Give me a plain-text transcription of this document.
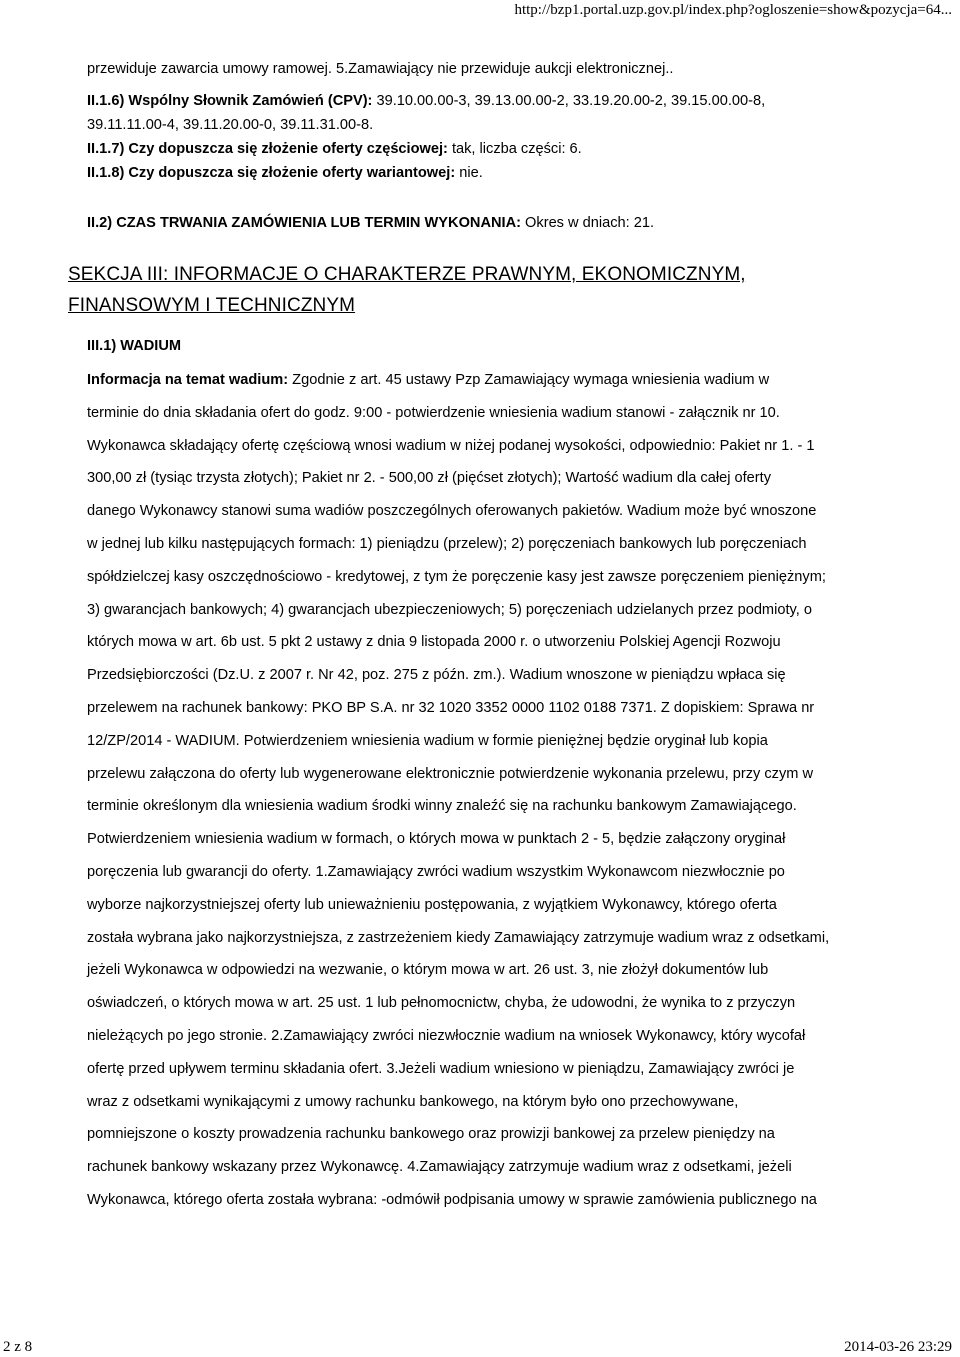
http://bzp1.portal.uzp.gov.pl/index.php?ogloszenie=show&pozycja=64...
przewiduje zawarcia umowy ramowej. 5.Zamawiający nie przewiduje aukcji elektronicznej..
II.1.6) Wspólny Słownik Zamówień (CPV): 39.10.00.00-3, 39.13.00.00-2, 33.19.20.00-2, 39.15.00.00-8,
39.11.11.00-4, 39.11.20.00-0, 39.11.31.00-8.
II.1.7) Czy dopuszcza się złożenie oferty częściowej: tak, liczba części: 6.
II.1.8) Czy dopuszcza się złożenie oferty wariantowej: nie.
II.2) CZAS TRWANIA ZAMÓWIENIA LUB TERMIN WYKONANIA: Okres w dniach: 21.
SEKCJA III: INFORMACJE O CHARAKTERZE PRAWNYM, EKONOMICZNYM,
FINANSOWYM I TECHNICZNYM
III.1) WADIUM
Informacja na temat wadium: Zgodnie z art. 45 ustawy Pzp Zamawiający wymaga wniesienia wadium w
terminie do dnia składania ofert do godz. 9:00 - potwierdzenie wniesienia wadium stanowi - załącznik nr 10.
Wykonawca składający ofertę częściową wnosi wadium w niżej podanej wysokości, odpowiednio: Pakiet nr 1. - 1
300,00 zł (tysiąc trzysta złotych); Pakiet nr 2. - 500,00 zł (pięćset złotych); Wartość wadium dla całej oferty
danego Wykonawcy stanowi suma wadiów poszczególnych oferowanych pakietów. Wadium może być wnoszone
w jednej lub kilku następujących formach: 1) pieniądzu (przelew); 2) poręczeniach bankowych lub poręczeniach
spółdzielczej kasy oszczędnościowo - kredytowej, z tym że poręczenie kasy jest zawsze poręczeniem pieniężnym;
3) gwarancjach bankowych; 4) gwarancjach ubezpieczeniowych; 5) poręczeniach udzielanych przez podmioty, o
których mowa w art. 6b ust. 5 pkt 2 ustawy z dnia 9 listopada 2000 r. o utworzeniu Polskiej Agencji Rozwoju
Przedsiębiorczości (Dz.U. z 2007 r. Nr 42, poz. 275 z późn. zm.). Wadium wnoszone w pieniądzu wpłaca się
przelewem na rachunek bankowy: PKO BP S.A. nr 32 1020 3352 0000 1102 0188 7371. Z dopiskiem: Sprawa nr
12/ZP/2014 - WADIUM. Potwierdzeniem wniesienia wadium w formie pieniężnej będzie oryginał lub kopia
przelewu załączona do oferty lub wygenerowane elektronicznie potwierdzenie wykonania przelewu, przy czym w
terminie określonym dla wniesienia wadium środki winny znaleźć się na rachunku bankowym Zamawiającego.
Potwierdzeniem wniesienia wadium w formach, o których mowa w punktach 2 - 5, będzie załączony oryginał
poręczenia lub gwarancji do oferty. 1.Zamawiający zwróci wadium wszystkim Wykonawcom niezwłocznie po
wyborze najkorzystniejszej oferty lub unieważnieniu postępowania, z wyjątkiem Wykonawcy, którego oferta
została wybrana jako najkorzystniejsza, z zastrzeżeniem kiedy Zamawiający zatrzymuje wadium wraz z odsetkami,
jeżeli Wykonawca w odpowiedzi na wezwanie, o którym mowa w art. 26 ust. 3, nie złożył dokumentów lub
oświadczeń, o których mowa w art. 25 ust. 1 lub pełnomocnictw, chyba, że udowodni, że wynika to z przyczyn
nieleżących po jego stronie. 2.Zamawiający zwróci niezwłocznie wadium na wniosek Wykonawcy, który wycofał
ofertę przed upływem terminu składania ofert. 3.Jeżeli wadium wniesiono w pieniądzu, Zamawiający zwróci je
wraz z odsetkami wynikającymi z umowy rachunku bankowego, na którym było ono przechowywane,
pomniejszone o koszty prowadzenia rachunku bankowego oraz prowizji bankowej za przelew pieniędzy na
rachunek bankowy wskazany przez Wykonawcę. 4.Zamawiający zatrzymuje wadium wraz z odsetkami, jeżeli
Wykonawca, którego oferta została wybrana: -odmówił podpisania umowy w sprawie zamówienia publicznego na
2 z 8	2014-03-26 23:29
